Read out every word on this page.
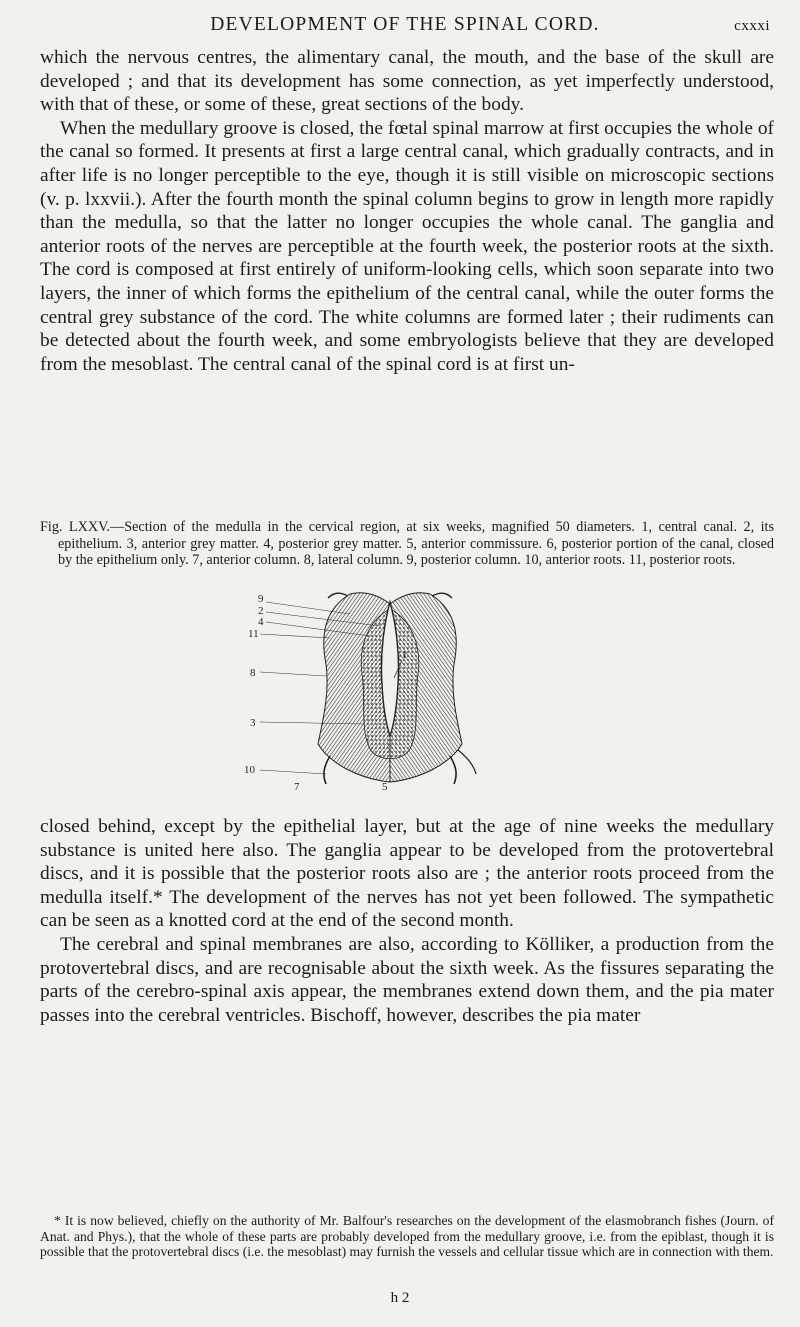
DEVELOPMENT OF THE SPINAL CORD.	cxxxi

which the nervous centres, the alimentary canal, the mouth, and the base of the skull are developed ; and that its development has some connection, as yet imperfectly understood, with that of these, or some of these, great sections of the body.

When the medullary groove is closed, the fœtal spinal marrow at first occupies the whole of the canal so formed. It presents at first a large central canal, which gradually contracts, and in after life is no longer perceptible to the eye, though it is still visible on microscopic sections (v. p. lxxvii.). After the fourth month the spinal column begins to grow in length more rapidly than the medulla, so that the latter no longer occupies the whole canal. The ganglia and anterior roots of the nerves are perceptible at the fourth week, the posterior roots at the sixth. The cord is composed at first entirely of uniform-looking cells, which soon separate into two layers, the inner of which forms the epithelium of the central canal, while the outer forms the central grey substance of the cord. The white columns are formed later ; their rudiments can be detected about the fourth week, and some embryologists believe that they are developed from the mesoblast. The central canal of the spinal cord is at first un-

Fig. LXXV.—Section of the medulla in the cervical region, at six weeks, magnified 50 diameters. 1, central canal. 2, its epithelium. 3, anterior grey matter. 4, posterior grey matter. 5, anterior commissure. 6, posterior portion of the canal, closed by the epithelium only. 7, anterior column. 8, lateral column. 9, posterior column. 10, anterior roots. 11, posterior roots.

9
2
4
11
1
8
3
10
7	5

closed behind, except by the epithelial layer, but at the age of nine weeks the medullary substance is united here also. The ganglia appear to be developed from the protovertebral discs, and it is possible that the posterior roots also are ; the anterior roots proceed from the medulla itself.* The development of the nerves has not yet been followed. The sympathetic can be seen as a knotted cord at the end of the second month.

The cerebral and spinal membranes are also, according to Kölliker, a production from the protovertebral discs, and are recognisable about the sixth week. As the fissures separating the parts of the cerebro-spinal axis appear, the membranes extend down them, and the pia mater passes into the cerebral ventricles. Bischoff, however, describes the pia mater

* It is now believed, chiefly on the authority of Mr. Balfour's researches on the development of the elasmobranch fishes (Journ. of Anat. and Phys.), that the whole of these parts are probably developed from the medullary groove, i.e. from the epiblast, though it is possible that the protovertebral discs (i.e. the mesoblast) may furnish the vessels and cellular tissue which are in connection with them.

h 2
